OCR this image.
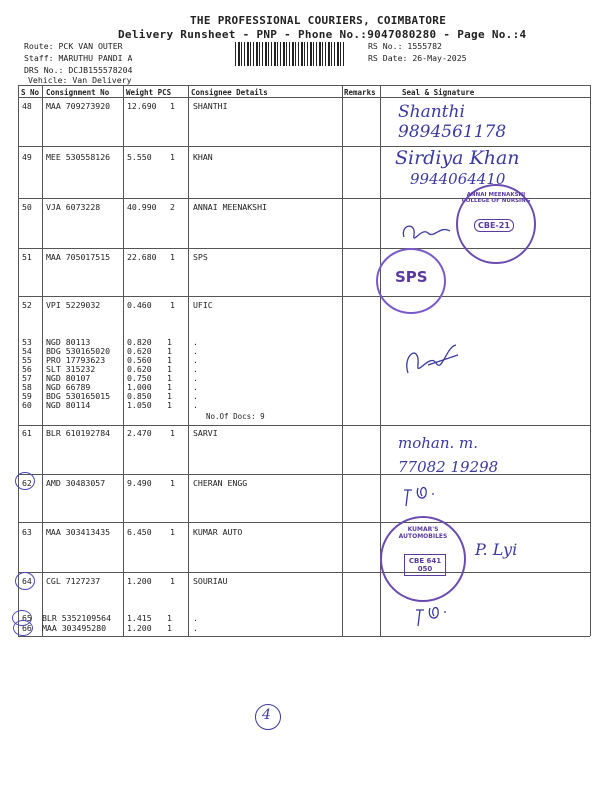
THE PROFESSIONAL COURIERS, COIMBATORE
Delivery Runsheet - PNP - Phone No.:9047080280 - Page No.:4
Route: PCK VAN OUTER
Staff: MARUTHU PANDI A
DRS No.: DCJB155578204
Vehicle: Van Delivery
RS No.: 1555782
RS Date: 26-May-2025
S No Consignment No Weight PCS	Consignee Details	Remarks	Seal & Signature
48 MAA 709273920 12.690 1 SHANTHI
49 MEE 530558126 5.550 1 KHAN
50 VJA 6073228	40.990 2 ANNAI MEENAKSHI
51 MAA 705017515 22.680 1 SPS
52 VPI 5229032	0.460 1 UFIC
53 NGD 80113	0.820 1	.
54 BDG 530165020 0.620 1	.
55 PRO 17793623	0.560 1	.
56 SLT 315232	0.620 1	.
57 NGD 80107	0.750 1	.
58 NGD 66789	1.000 1	.
59 BDG 530165015 0.850 1	.
60 NGD 80114	1.050 1	.
No.Of Docs: 9
61 BLR 610192784 2.470 1 SARVI
62 AMD 30483057	9.490 1 CHERAN ENGG
63 MAA 303413435 6.450 1 KUMAR AUTO
64 CGL 7127237	1.200 1 SOURIAU
65 BLR 5352109564 1.415 1	.
66 MAA 303495280	1.200 1	.
Shanthi
9894561178
Sirdiya Khan
9944064410
mohan. m.
77082 19298
P. Lyi
ANNAI MEENAKSHI COLLEGE OF NURSING
CBE-21
SPS
KUMAR'S AUTOMOBILES
CBE 641 050
4
